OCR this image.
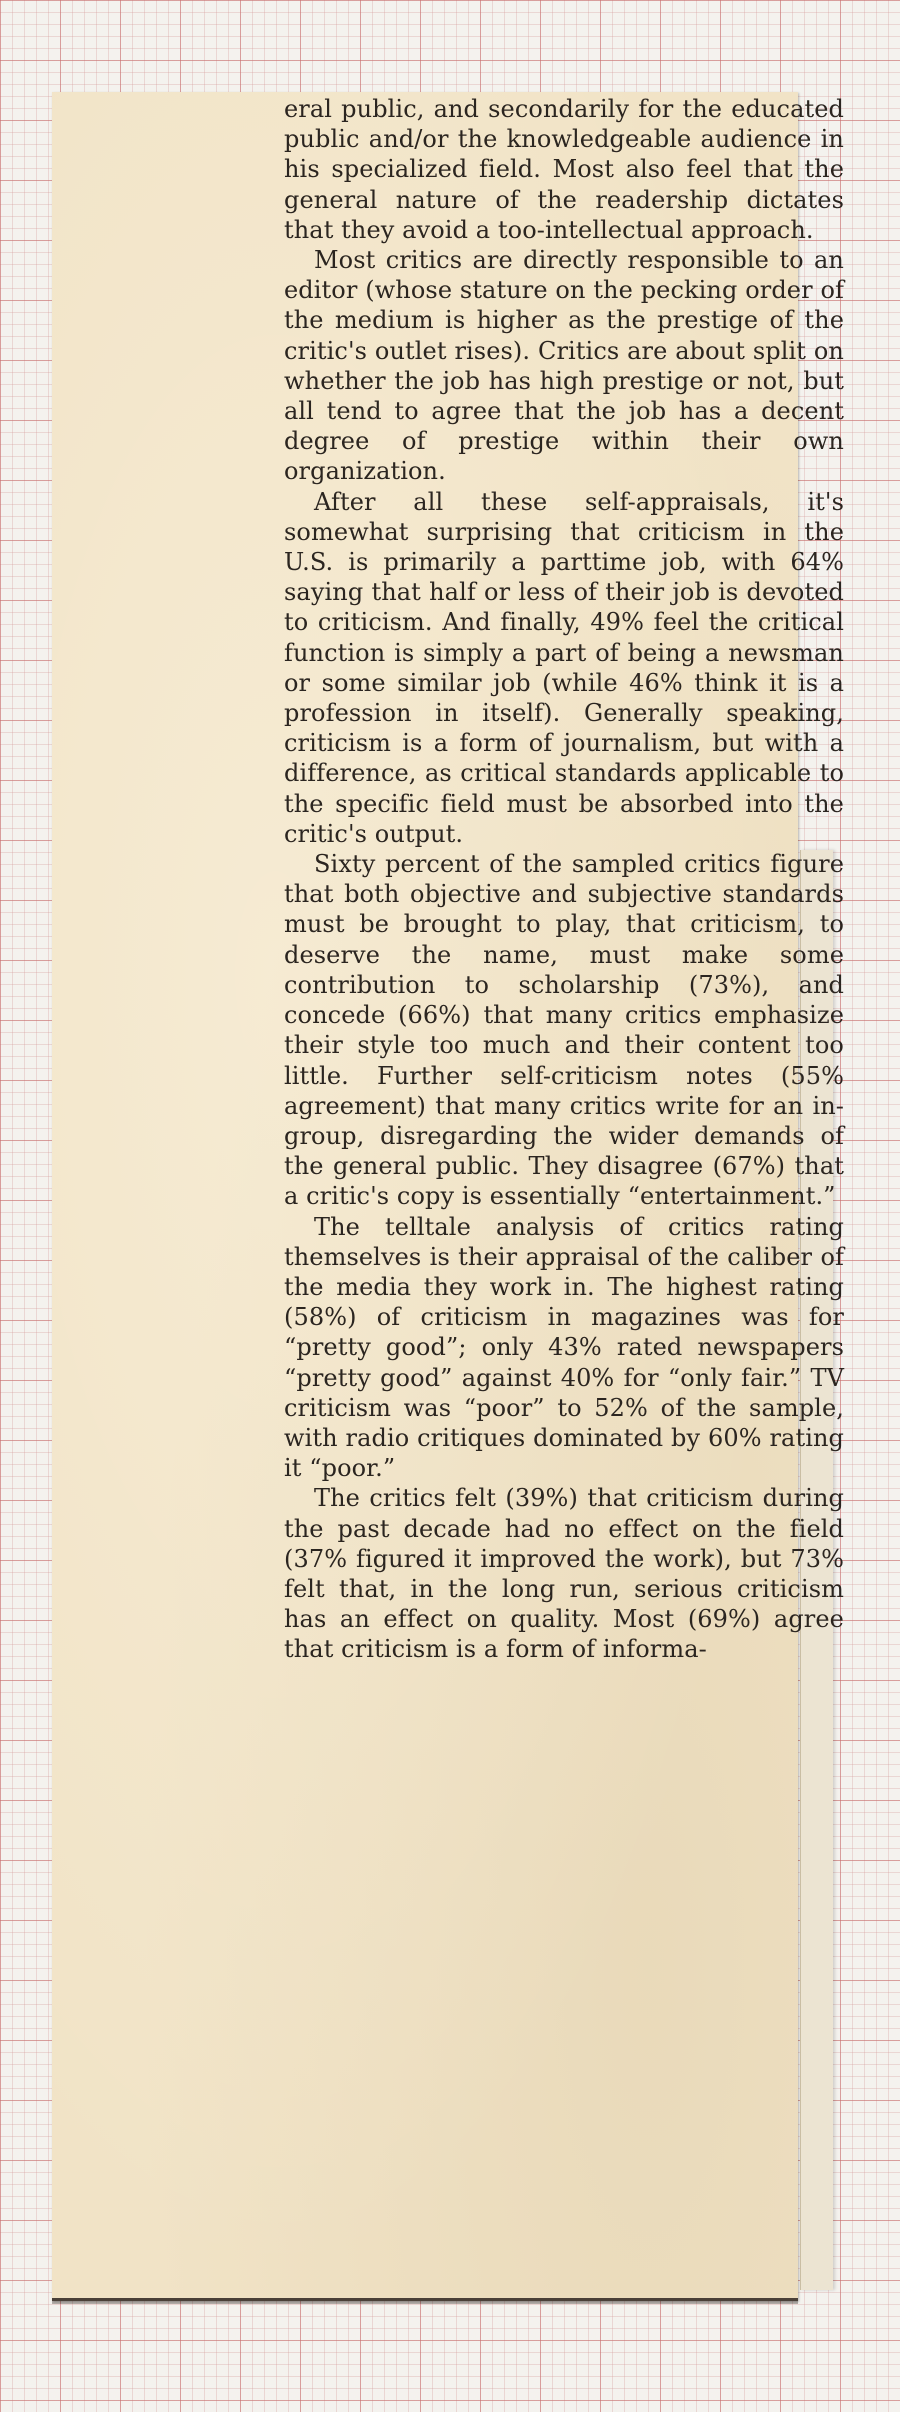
eral public, and secondarily for the educated public and/or the knowledgeable audience in his specialized field. Most also feel that the general nature of the readership dictates that they avoid a too-intellectual approach.

Most critics are directly responsible to an editor (whose stature on the pecking order of the medium is higher as the prestige of the critic's outlet rises). Critics are about split on whether the job has high prestige or not, but all tend to agree that the job has a decent degree of prestige within their own organization.

After all these self-appraisals, it's somewhat surprising that criticism in the U.S. is primarily a parttime job, with 64% saying that half or less of their job is devoted to criticism. And finally, 49% feel the critical function is simply a part of being a newsman or some similar job (while 46% think it is a profession in itself). Generally speaking, criticism is a form of journalism, but with a difference, as critical standards applicable to the specific field must be absorbed into the critic's output.

Sixty percent of the sampled critics figure that both objective and subjective standards must be brought to play, that criticism, to deserve the name, must make some contribution to scholarship (73%), and concede (66%) that many critics emphasize their style too much and their content too little. Further self-criticism notes (55% agreement) that many critics write for an in-group, disregarding the wider demands of the general public. They disagree (67%) that a critic's copy is essentially “entertainment.”

The telltale analysis of critics rating themselves is their appraisal of the caliber of the media they work in. The highest rating (58%) of criticism in magazines was for “pretty good”; only 43% rated newspapers “pretty good” against 40% for “only fair.” TV criticism was “poor” to 52% of the sample, with radio critiques dominated by 60% rating it “poor.”

The critics felt (39%) that criticism during the past decade had no effect on the field (37% figured it improved the work), but 73% felt that, in the long run, serious criticism has an effect on quality. Most (69%) agree that criticism is a form of informa-
